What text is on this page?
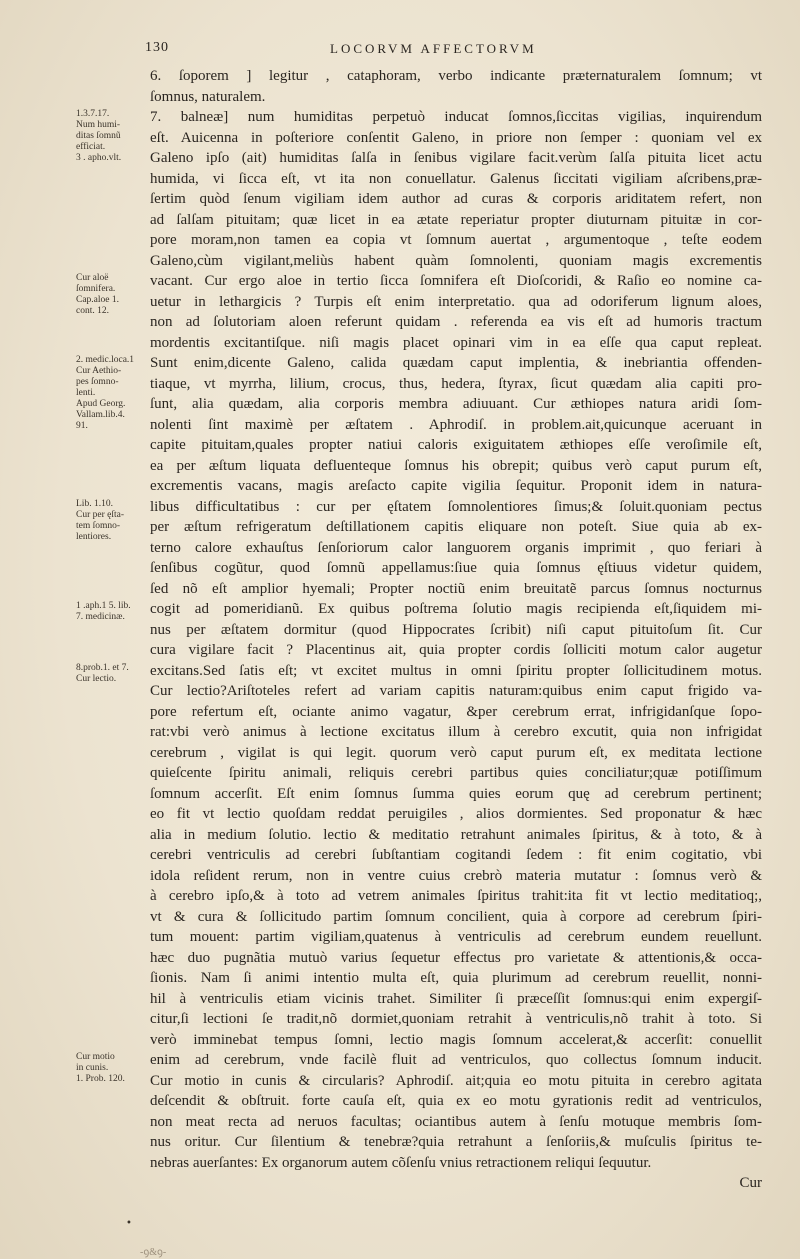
130	LOCORVM AFFECTORVM
6. ſoporem ] legitur , cataphoram, verbo indicante præternaturalem ſomnum; vt
ſomnus, naturalem.
7. balneæ] num humiditas perpetuò inducat ſomnos,ſiccitas vigilias, inquirendum
eſt. Auicenna in poſteriore conſentit Galeno, in priore non ſemper : quoniam vel ex
Galeno ipſo (ait) humiditas ſalſa in ſenibus vigilare facit.verùm ſalſa pituita licet actu
humida, vi ſicca eſt, vt ita non conuellatur. Galenus ſiccitati vigiliam aſcribens,præ-
ſertim quòd ſenum vigiliam idem author ad curas & corporis ariditatem refert, non
ad ſalſam pituitam; quæ licet in ea ætate reperiatur propter diuturnam pituitæ in cor-
pore moram,non tamen ea copia vt ſomnum auertat , argumentoque , teſte eodem
Galeno,cùm vigilant,meliùs habent quàm ſomnolenti, quoniam magis excrementis
vacant. Cur ergo aloe in tertio ſicca ſomnifera eſt Dioſcoridi, & Raſio eo nomine ca-
uetur in lethargicis ? Turpis eſt enim interpretatio. qua ad odoriferum lignum aloes,
non ad ſolutoriam aloen referunt quidam . referenda ea vis eſt ad humoris tractum
mordentis excitantiſque. niſi magis placet opinari vim in ea eſſe qua caput repleat.
Sunt enim,dicente Galeno, calida quædam caput implentia, & inebriantia offenden-
tiaque, vt myrrha, lilium, crocus, thus, hedera, ſtyrax, ſicut quædam alia capiti pro-
ſunt, alia quædam, alia corporis membra adiuuant. Cur æthiopes natura aridi ſom-
nolenti ſint maximè per æſtatem . Aphrodiſ. in problem.ait,quicunque aceruant in
capite pituitam,quales propter natiui caloris exiguitatem æthiopes eſſe veroſimile eſt,
ea per æſtum liquata defluenteque ſomnus his obrepit; quibus verò caput purum eſt,
excrementis vacans, magis areſacto capite vigilia ſequitur. Proponit idem in natura-
libus difficultatibus : cur per ęſtatem ſomnolentiores ſimus;& ſoluit.quoniam pectus
per æſtum refrigeratum deſtillationem capitis eliquare non poteſt. Siue quia ab ex-
terno calore exhauſtus ſenſoriorum calor languorem organis imprimit , quo feriari à
ſenſibus cogũtur, quod ſomnũ appellamus:ſiue quia ſomnus ęſtiuus videtur quidem,
ſed nõ eſt amplior hyemali; Propter noctiũ enim breuitatẽ parcus ſomnus nocturnus
cogit ad pomeridianũ. Ex quibus poſtrema ſolutio magis recipienda eſt,ſiquidem mi-
nus per æſtatem dormitur (quod Hippocrates ſcribit) niſi caput pituitoſum ſit. Cur
cura vigilare facit ? Placentinus ait, quia propter cordis ſolliciti motum calor augetur
excitans.Sed ſatis eſt; vt excitet multus in omni ſpiritu propter ſollicitudinem motus.
Cur lectio?Ariſtoteles refert ad variam capitis naturam:quibus enim caput frigido va-
pore refertum eſt, ociante animo vagatur, &per cerebrum errat, infrigidanſque ſopo-
rat:vbi verò animus à lectione excitatus illum à cerebro excutit, quia non infrigidat
cerebrum , vigilat is qui legit. quorum verò caput purum eſt, ex meditata lectione
quieſcente ſpiritu animali, reliquis cerebri partibus quies conciliatur;quæ potiſſimum
ſomnum accerſit. Eſt enim ſomnus ſumma quies eorum quę ad cerebrum pertinent;
eo fit vt lectio quoſdam reddat peruigiles , alios dormientes. Sed proponatur & hæc
alia in medium ſolutio. lectio & meditatio retrahunt animales ſpiritus, & à toto, & à
cerebri ventriculis ad cerebri ſubſtantiam cogitandi ſedem : fit enim cogitatio, vbi
idola reſident rerum, non in ventre cuius crebrò materia mutatur : ſomnus verò &
à cerebro ipſo,& à toto ad vetrem animales ſpiritus trahit:ita fit vt lectio meditatioq;,
vt & cura & ſollicitudo partim ſomnum concilient, quia à corpore ad cerebrum ſpiri-
tum mouent: partim vigiliam,quatenus à ventriculis ad cerebrum eundem reuellunt.
hæc duo pugnãtia mutuò varius ſequetur effectus pro varietate & attentionis,& occa-
ſionis. Nam ſi animi intentio multa eſt, quia plurimum ad cerebrum reuellit, nonni-
hil à ventriculis etiam vicinis trahet. Similiter ſi præceſſit ſomnus:qui enim expergiſ-
citur,ſi lectioni ſe tradit,nõ dormiet,quoniam retrahit à ventriculis,nõ trahit à toto. Si
verò imminebat tempus ſomni, lectio magis ſomnum accelerat,& accerſit: conuellit
enim ad cerebrum, vnde facilè fluit ad ventriculos, quo collectus ſomnum inducit.
Cur motio in cunis & circularis? Aphrodiſ. ait;quia eo motu pituita in cerebro agitata
deſcendit & obſtruit. forte cauſa eſt, quia ex eo motu gyrationis redit ad ventriculos,
non meat recta ad neruos facultas; ociantibus autem à ſenſu motuque membris ſom-
nus oritur. Cur ſilentium & tenebræ?quia retrahunt a ſenſoriis,& muſculis ſpiritus te-
nebras auerſantes: Ex organorum autem cõſenſu vnius retractionem reliqui ſequutur.
Cur
1.3.7.17.
Num humi-
ditas ſomnũ
efficiat.
3 . apho.vlt.
Cur aloë
ſomnifera.
Cap.aloe 1.
cont. 12.
2. medic.loca.1
Cur Aethio-
pes ſomno-
lenti.
Apud Georg.
Vallam.lib.4.
91.
Lib. 1.10.
Cur per ęſta-
tem ſomno-
lentiores.
1 .aph.1 5. lib.
7. medicinæ.
8.prob.1. et 7.
Cur lectio.
Cur motio
in cunis.
1. Prob. 120.
•
-ꝯ&ꝯ-
